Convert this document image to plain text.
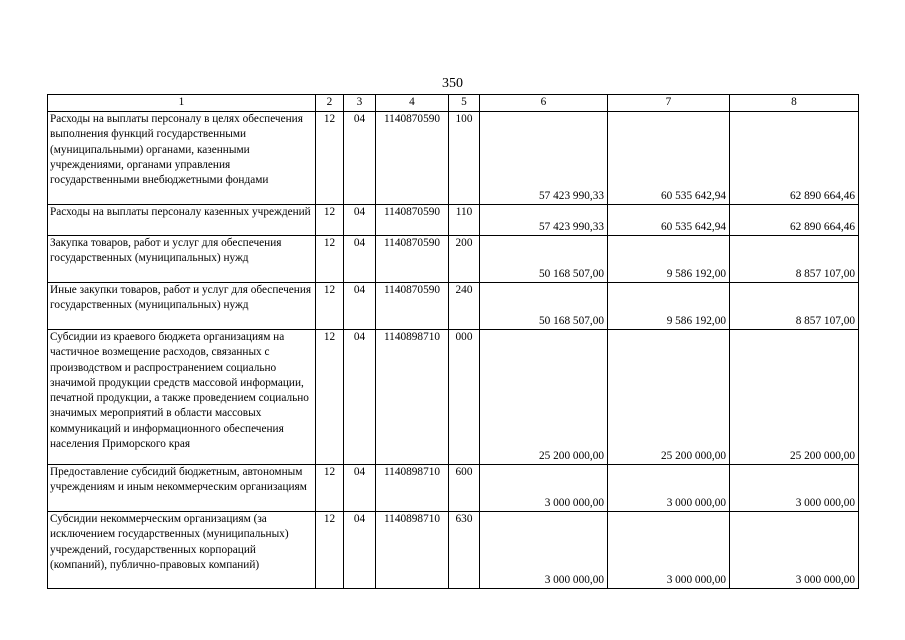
350
1	2	3	4	5	6	7	8
Расходы на выплаты персоналу в целях обеспечения выполнения функций государственными (муниципальными) органами, казенными учреждениями, органами управления государственными внебюджетными фондами	12	04	1140870590	100	57 423 990,33	60 535 642,94	62 890 664,46
Расходы на выплаты персоналу казенных учреждений	12	04	1140870590	110	57 423 990,33	60 535 642,94	62 890 664,46
Закупка товаров, работ и услуг для обеспечения государственных (муниципальных) нужд	12	04	1140870590	200	50 168 507,00	9 586 192,00	8 857 107,00
Иные закупки товаров, работ и услуг для обеспечения государственных (муниципальных) нужд	12	04	1140870590	240	50 168 507,00	9 586 192,00	8 857 107,00
Субсидии из краевого бюджета организациям на частичное возмещение расходов, связанных с производством и распространением социально значимой продукции средств массовой информации, печатной продукции, а также проведением социально значимых мероприятий в области массовых коммуникаций и информационного обеспечения населения Приморского края	12	04	1140898710	000	25 200 000,00	25 200 000,00	25 200 000,00
Предоставление субсидий бюджетным, автономным учреждениям и иным некоммерческим организациям	12	04	1140898710	600	3 000 000,00	3 000 000,00	3 000 000,00
Субсидии некоммерческим организациям (за исключением государственных (муниципальных) учреждений, государственных корпораций (компаний), публично-правовых компаний)	12	04	1140898710	630	3 000 000,00	3 000 000,00	3 000 000,00
